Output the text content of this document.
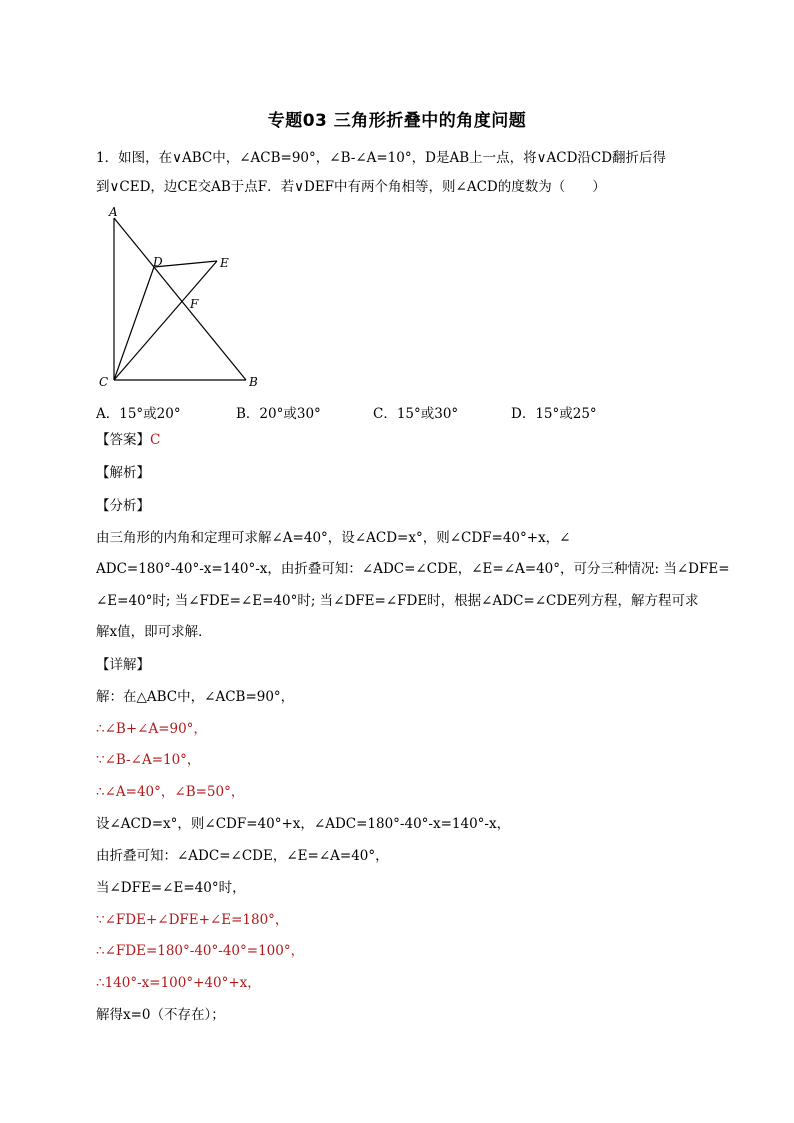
专题03 三角形折叠中的角度问题
1．如图，在∨ABC中，∠ACB=90°，∠B-∠A=10°，D是AB上一点，将∨ACD沿CD翻折后得
到∨CED，边CE交AB于点F．若∨DEF中有两个角相等，则∠ACD的度数为（　　）
A
C	B
D	E
F
A．15°或20°	B．20°或30°	C．15°或30°	D．15°或25°
【答案】C
【解析】
【分析】
由三角形的内角和定理可求解∠A=40°，设∠ACD=x°，则∠CDF=40°+x，∠
ADC=180°-40°-x=140°-x，由折叠可知：∠ADC=∠CDE，∠E=∠A=40°，可分三种情况: 当∠DFE=
∠E=40°时; 当∠FDE=∠E=40°时; 当∠DFE=∠FDE时，根据∠ADC=∠CDE列方程，解方程可求
解x值，即可求解．
【详解】
解：在△ABC中，∠ACB=90°，
∴∠B+∠A=90°，
∵∠B-∠A=10°，
∴∠A=40°，∠B=50°，
设∠ACD=x°，则∠CDF=40°+x，∠ADC=180°-40°-x=140°-x，
由折叠可知：∠ADC=∠CDE，∠E=∠A=40°，
当∠DFE=∠E=40°时，
∵∠FDE+∠DFE+∠E=180°，
∴∠FDE=180°-40°-40°=100°，
∴140°-x=100°+40°+x，
解得x=0（不存在）；
